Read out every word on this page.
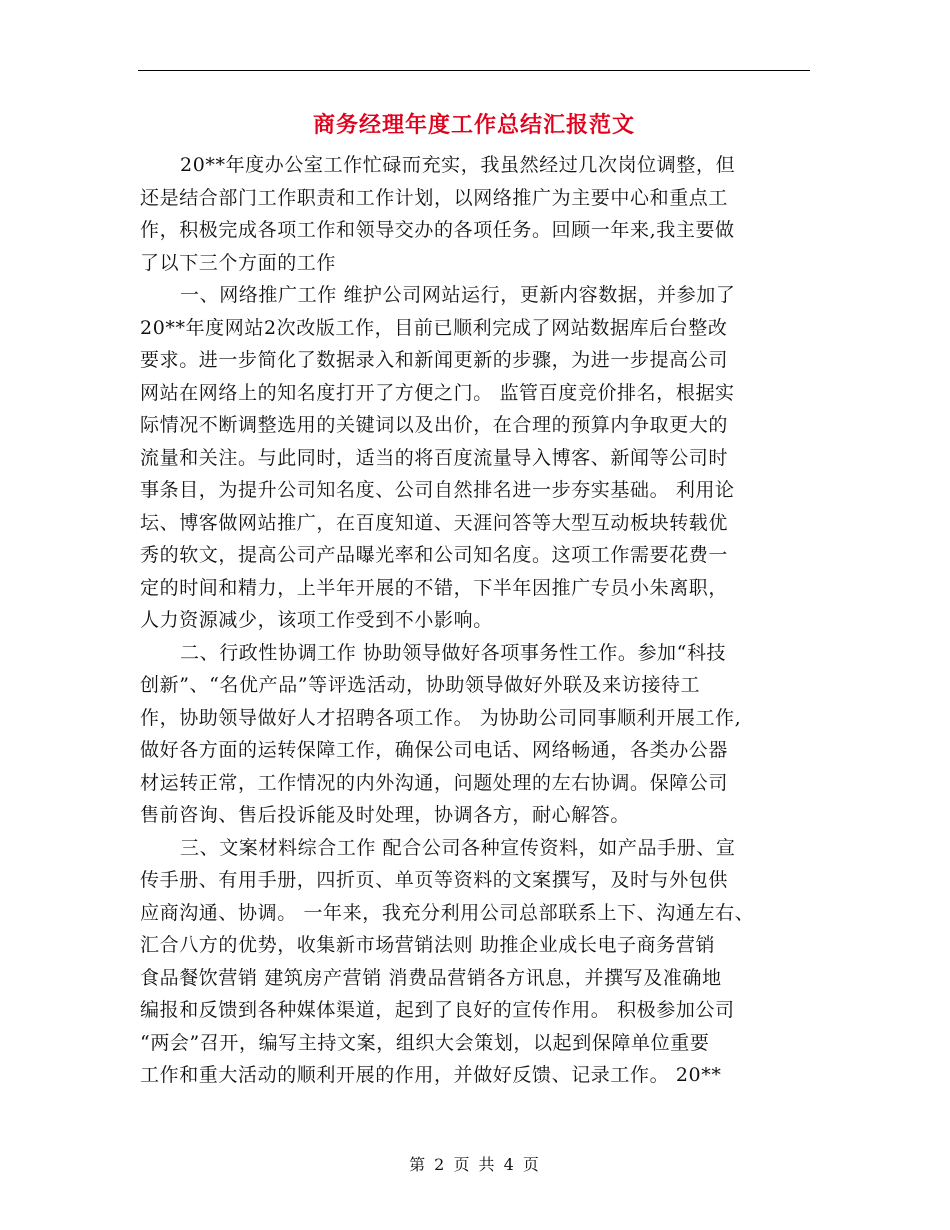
商务经理年度工作总结汇报范文
20**年度办公室工作忙碌而充实，我虽然经过几次岗位调整，但
还是结合部门工作职责和工作计划，以网络推广为主要中心和重点工
作，积极完成各项工作和领导交办的各项任务。回顾一年来,我主要做
了以下三个方面的工作
一、网络推广工作 维护公司网站运行，更新内容数据，并参加了
20**年度网站2次改版工作，目前已顺利完成了网站数据库后台整改
要求。进一步简化了数据录入和新闻更新的步骤，为进一步提高公司
网站在网络上的知名度打开了方便之门。 监管百度竞价排名，根据实
际情况不断调整选用的关键词以及出价，在合理的预算内争取更大的
流量和关注。与此同时，适当的将百度流量导入博客、新闻等公司时
事条目，为提升公司知名度、公司自然排名进一步夯实基础。 利用论
坛、博客做网站推广，在百度知道、天涯问答等大型互动板块转载优
秀的软文，提高公司产品曝光率和公司知名度。这项工作需要花费一
定的时间和精力，上半年开展的不错，下半年因推广专员小朱离职，
人力资源减少，该项工作受到不小影响。
二、行政性协调工作 协助领导做好各项事务性工作。参加“科技
创新”、“名优产品”等评选活动，协助领导做好外联及来访接待工
作，协助领导做好人才招聘各项工作。 为协助公司同事顺利开展工作,
做好各方面的运转保障工作，确保公司电话、网络畅通，各类办公器
材运转正常，工作情况的内外沟通，问题处理的左右协调。保障公司
售前咨询、售后投诉能及时处理，协调各方，耐心解答。
三、文案材料综合工作 配合公司各种宣传资料，如产品手册、宣
传手册、有用手册，四折页、单页等资料的文案撰写，及时与外包供
应商沟通、协调。 一年来，我充分利用公司总部联系上下、沟通左右、
汇合八方的优势，收集新市场营销法则 助推企业成长电子商务营销
食品餐饮营销 建筑房产营销 消费品营销各方讯息，并撰写及准确地
编报和反馈到各种媒体渠道，起到了良好的宣传作用。 积极参加公司
“两会”召开，编写主持文案，组织大会策划，以起到保障单位重要
工作和重大活动的顺利开展的作用，并做好反馈、记录工作。 20**
第 2 页 共 4 页
